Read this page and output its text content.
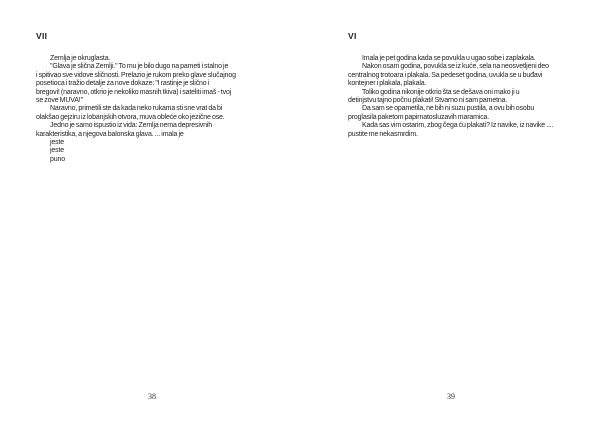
VII

Zemlja je okruglasta.

"Glava je slična Zemlji." To mu je bilo dugo na pameti i stalno je

i spitivao sve vidove sličnosti. Prelazio je rukom preko glave slučajnog

posetioca i tražio detalje za nove dokaze: "I rastinje je slično i

bregovi! (naravno, otkrio je nekoliko masnih tkiva) i sateliti imaš - tvoj

se zove MUVA!"

Naravno, primetili ste da kada neko rukama sti sne vrat da bi

olakšao gejziru iz lobanjskih otvora, muva obleće oko jezične ose.

Jedno je samo ispustio iz vida: Zemlja nema depresivnih

karakteristika, a njegova balonska glava. ... imala je

jeste

jeste

puno

38
VI

Imala je pet godina kada se povukla u ugao sobe i zaplakala.

Nakon osam godina, povukla se iz kuće, sela na neosvetljeni deo

centralnog trotoara i plakala. Sa pedeset godina, uvukla se u buđavi

kontejner i plakala, plakala.

Toliko godina nikonije otkrio šta se dešava oni mako ji u

detinjstvu tajno počnu plakati! Stvarno ni sam pametna.

Da sam se opametila, ne bih ni suzu pustila, a ovu bih osobu

proglasila paketom papirnatosluzavih maramica.

Kada sas vim ostarim, zbog čega ću plakati? Iz navike, iz navike ....

pustite me nekasmrdim.

39
